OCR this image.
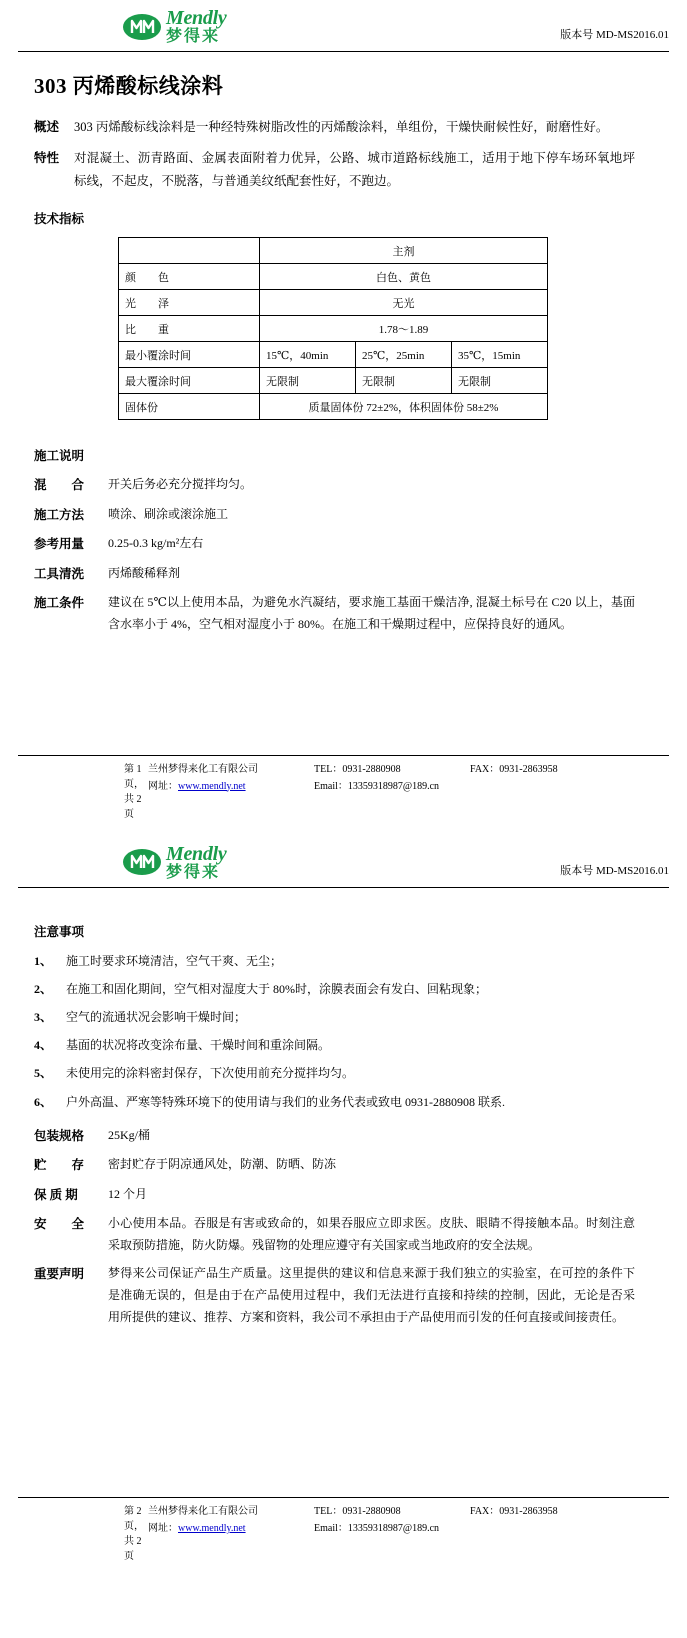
Mendly
梦得来	版本号 MD-MS2016.01
303 丙烯酸标线涂料
概述	303 丙烯酸标线涂料是一种经特殊树脂改性的丙烯酸涂料，单组份，干燥快耐候性好，耐磨性好。
特性	对混凝土、沥青路面、金属表面附着力优异，公路、城市道路标线施工，适用于地下停车场环氧地坪标线，不起皮，不脱落，与普通美纹纸配套性好，不跑边。
技术指标
	主剂		
颜　　色	白色、黄色		
光　　泽	无光		
比　　重	1.78～1.89		
最小覆涂时间	15℃，40min	25℃，25min	35℃，15min
最大覆涂时间	无限制	无限制	无限制
固体份	质量固体份 72±2%，体积固体份 58±2%		
施工说明
混　　合	开关后务必充分搅拌均匀。
施工方法	喷涂、刷涂或滚涂施工
参考用量	0.25-0.3 kg/m²左右
工具清洗	丙烯酸稀释剂
施工条件	建议在 5℃以上使用本品，为避免水汽凝结，要求施工基面干燥洁净, 混凝土标号在 C20 以上，基面含水率小于 4%，空气相对湿度小于 80%。在施工和干燥期过程中，应保持良好的通风。
第 1 页，共 2 页
兰州梦得来化工有限公司	TEL：0931-2880908	FAX：0931-2863958
网址：www.mendly.net	Email：13359318987@189.cn
Mendly
梦得来	版本号 MD-MS2016.01
注意事项
1、	施工时要求环境清洁，空气干爽、无尘；
2、	在施工和固化期间，空气相对湿度大于 80%时，涂膜表面会有发白、回粘现象；
3、	空气的流通状况会影响干燥时间；
4、	基面的状况将改变涂布量、干燥时间和重涂间隔。
5、	未使用完的涂料密封保存，下次使用前充分搅拌均匀。
6、	户外高温、严寒等特殊环境下的使用请与我们的业务代表或致电 0931-2880908 联系.
包装规格	25Kg/桶
贮　　存	密封贮存于阴凉通风处，防潮、防晒、防冻
保 质 期	12 个月
安　　全	小心使用本品。吞服是有害或致命的，如果吞服应立即求医。皮肤、眼睛不得接触本品。时刻注意采取预防措施，防火防爆。残留物的处理应遵守有关国家或当地政府的安全法规。
重要声明	梦得来公司保证产品生产质量。这里提供的建议和信息来源于我们独立的实验室，在可控的条件下是准确无误的，但是由于在产品使用过程中，我们无法进行直接和持续的控制，因此，无论是否采用所提供的建议、推荐、方案和资料，我公司不承担由于产品使用而引发的任何直接或间接责任。
第 2 页，共 2 页
兰州梦得来化工有限公司	TEL：0931-2880908	FAX：0931-2863958
网址：www.mendly.net	Email：13359318987@189.cn
